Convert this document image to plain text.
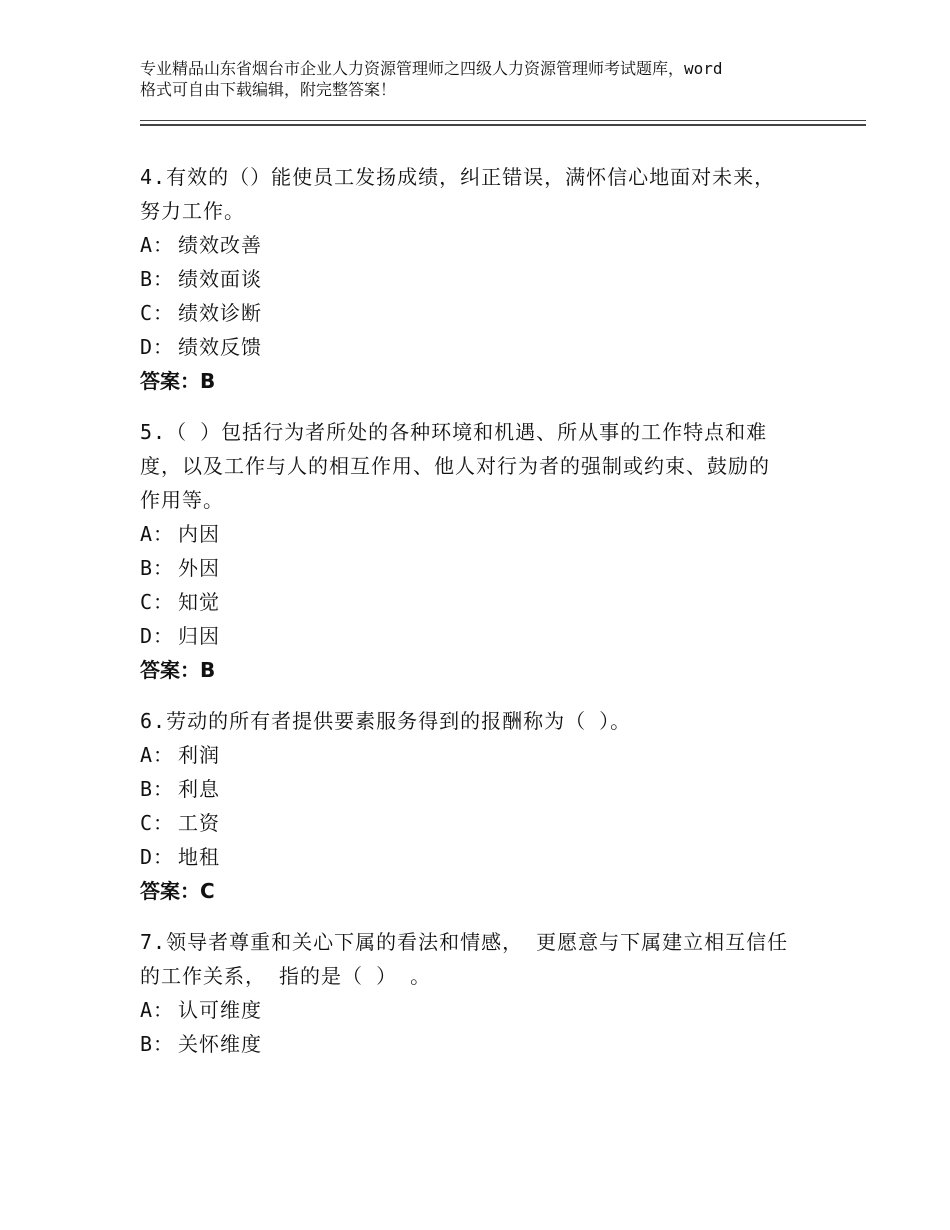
专业精品山东省烟台市企业人力资源管理师之四级人力资源管理师考试题库，word
格式可自由下载编辑，附完整答案！
4.有效的（）能使员工发扬成绩，纠正错误，满怀信心地面对未来，
努力工作。
A： 绩效改善
B： 绩效面谈
C： 绩效诊断
D： 绩效反馈
答案：B
5.（ ）包括行为者所处的各种环境和机遇、所从事的工作特点和难
度，以及工作与人的相互作用、他人对行为者的强制或约束、鼓励的
作用等。
A： 内因
B： 外因
C： 知觉
D： 归因
答案：B
6.劳动的所有者提供要素服务得到的报酬称为（ ）。
A： 利润
B： 利息
C： 工资
D： 地租
答案：C
7.领导者尊重和关心下属的看法和情感， 更愿意与下属建立相互信任
的工作关系， 指的是（ ） 。
A： 认可维度
B： 关怀维度
